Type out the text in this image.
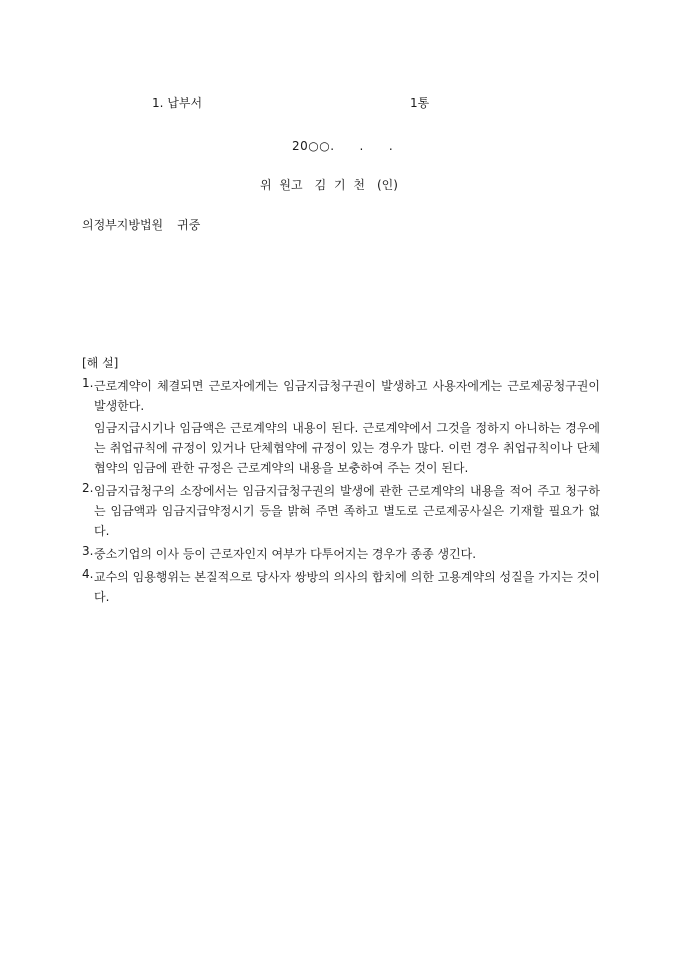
1. 납부서	1통
20○○.　　.　　.
위 원고 김 기 천 (인)
의정부지방법원 귀중
[해 설]
1. 근로계약이 체결되면 근로자에게는 임금지급청구권이 발생하고 사용자에게는 근로제공청구권이 발생한다.

임금지급시기나 임금액은 근로계약의 내용이 된다. 근로계약에서 그것을 정하지 아니하는 경우에는 취업규칙에 규정이 있거나 단체협약에 규정이 있는 경우가 많다. 이런 경우 취업규칙이나 단체협약의 임금에 관한 규정은 근로계약의 내용을 보충하여 주는 것이 된다.

2. 임금지급청구의 소장에서는 임금지급청구권의 발생에 관한 근로계약의 내용을 적어 주고 청구하는 임금액과 임금지급약정시기 등을 밝혀 주면 족하고 별도로 근로제공사실은 기재할 필요가 없다.

3. 중소기업의 이사 등이 근로자인지 여부가 다투어지는 경우가 종종 생긴다.

4. 교수의 임용행위는 본질적으로 당사자 쌍방의 의사의 합치에 의한 고용계약의 성질을 가지는 것이다.
